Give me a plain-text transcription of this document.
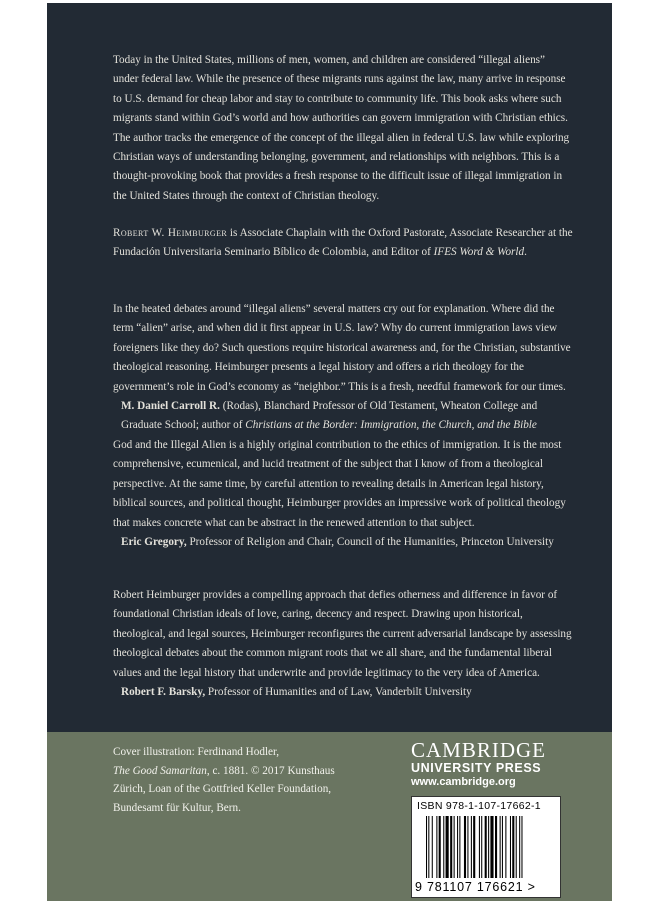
Today in the United States, millions of men, women, and children are considered “illegal aliens” under federal law. While the presence of these migrants runs against the law, many arrive in response to U.S. demand for cheap labor and stay to contribute to community life. This book asks where such migrants stand within God’s world and how authorities can govern immigration with Christian ethics. The author tracks the emergence of the concept of the illegal alien in federal U.S. law while exploring Christian ways of understanding belonging, government, and relationships with neighbors. This is a thought-provoking book that provides a fresh response to the difficult issue of illegal immigration in the United States through the context of Christian theology.

Robert W. Heimburger is Associate Chaplain with the Oxford Pastorate, Associate Researcher at the Fundación Universitaria Seminario Bíblico de Colombia, and Editor of IFES Word & World.

In the heated debates around “illegal aliens” several matters cry out for explanation. Where did the term “alien” arise, and when did it first appear in U.S. law? Why do current immigration laws view foreigners like they do? Such questions require historical awareness and, for the Christian, substantive theological reasoning. Heimburger presents a legal history and offers a rich theology for the government’s role in God’s economy as “neighbor.” This is a fresh, needful framework for our times.
M. Daniel Carroll R. (Rodas), Blanchard Professor of Old Testament, Wheaton College and Graduate School; author of Christians at the Border: Immigration, the Church, and the Bible
God and the Illegal Alien is a highly original contribution to the ethics of immigration. It is the most comprehensive, ecumenical, and lucid treatment of the subject that I know of from a theological perspective. At the same time, by careful attention to revealing details in American legal history, biblical sources, and political thought, Heimburger provides an impressive work of political theology that makes concrete what can be abstract in the renewed attention to that subject.
Eric Gregory, Professor of Religion and Chair, Council of the Humanities, Princeton University
Robert Heimburger provides a compelling approach that defies otherness and difference in favor of foundational Christian ideals of love, caring, decency and respect. Drawing upon historical, theological, and legal sources, Heimburger reconfigures the current adversarial landscape by assessing theological debates about the common migrant roots that we all share, and the fundamental liberal values and the legal history that underwrite and provide legitimacy to the very idea of America.
Robert F. Barsky, Professor of Humanities and of Law, Vanderbilt University
Cover illustration: Ferdinand Hodler,
The Good Samaritan, c. 1881. © 2017 Kunsthaus
Zürich, Loan of the Gottfried Keller Foundation,
Bundesamt für Kultur, Bern.
CAMBRIDGE
UNIVERSITY PRESS
www.cambridge.org
ISBN 978-1-107-17662-1
9 781107 176621 >
